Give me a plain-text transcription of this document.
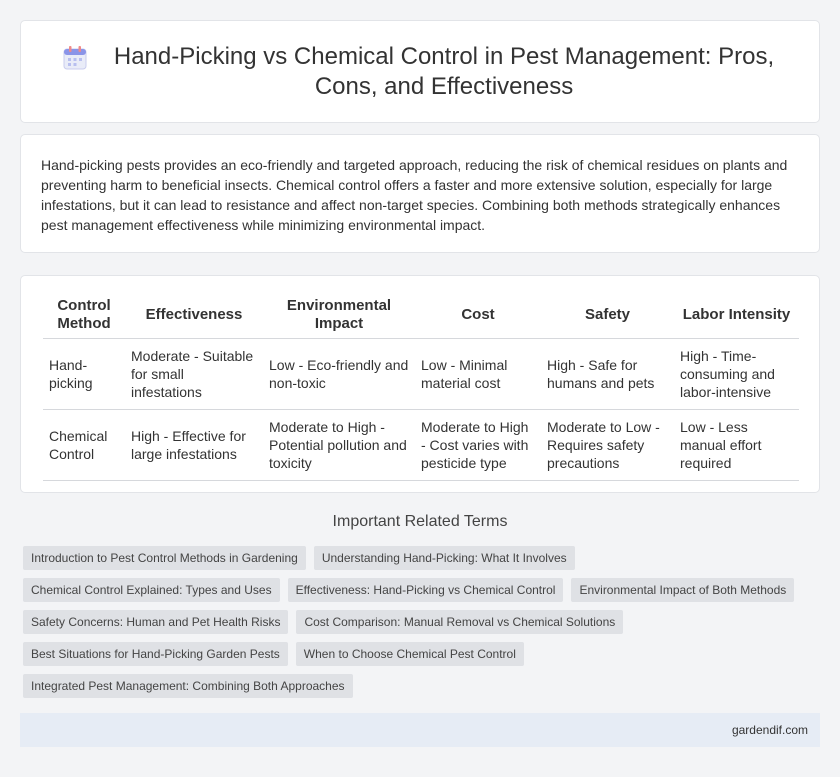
Hand-Picking vs Chemical Control in Pest Management: Pros, Cons, and Effectiveness

Hand-picking pests provides an eco-friendly and targeted approach, reducing the risk of chemical residues on plants and preventing harm to beneficial insects. Chemical control offers a faster and more extensive solution, especially for large infestations, but it can lead to resistance and affect non-target species. Combining both methods strategically enhances pest management effectiveness while minimizing environmental impact.

Control Method	Effectiveness	Environmental Impact	Cost	Safety	Labor Intensity
Hand-picking	Moderate - Suitable for small infestations	Low - Eco-friendly and non-toxic	Low - Minimal material cost	High - Safe for humans and pets	High - Time-consuming and labor-intensive
Chemical Control	High - Effective for large infestations	Moderate to High - Potential pollution and toxicity	Moderate to High - Cost varies with pesticide type	Moderate to Low - Requires safety precautions	Low - Less manual effort required
Important Related Terms
Introduction to Pest Control Methods in Gardening	Understanding Hand-Picking: What It Involves
Chemical Control Explained: Types and Uses	Effectiveness: Hand-Picking vs Chemical Control	Environmental Impact of Both Methods
Safety Concerns: Human and Pet Health Risks	Cost Comparison: Manual Removal vs Chemical Solutions
Best Situations for Hand-Picking Garden Pests	When to Choose Chemical Pest Control
Integrated Pest Management: Combining Both Approaches
gardendif.com
